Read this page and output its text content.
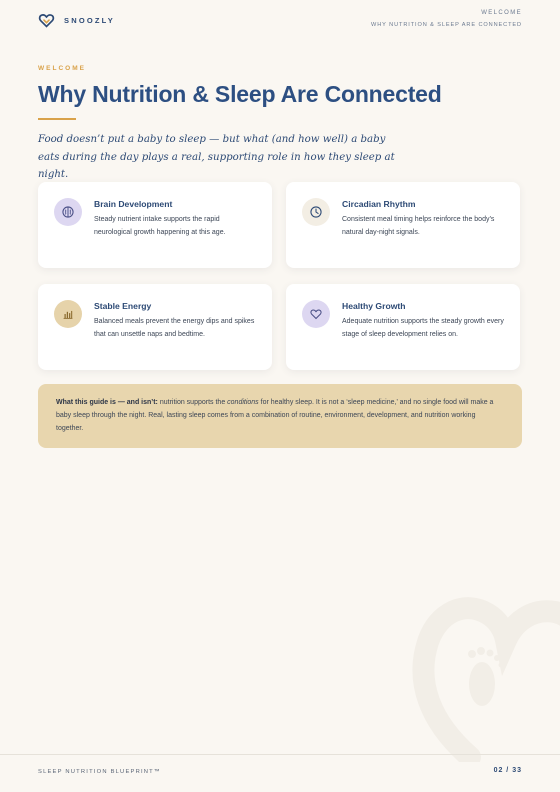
SNOOZLY
WELCOME
WHY NUTRITION & SLEEP ARE CONNECTED
WELCOME
Why Nutrition & Sleep Are Connected

Food doesn’t put a baby to sleep — but what (and how well) a baby eats during the day plays a real, supporting role in how they sleep at night.

Brain Development
Steady nutrient intake supports the rapid neurological growth happening at this age.
Circadian Rhythm
Consistent meal timing helps reinforce the body’s natural day-night signals.
Stable Energy
Balanced meals prevent the energy dips and spikes that can unsettle naps and bedtime.
Healthy Growth
Adequate nutrition supports the steady growth every stage of sleep development relies on.
What this guide is — and isn’t: nutrition supports the conditions for healthy sleep. It is not a ‘sleep medicine,’ and no single food will make a baby sleep through the night. Real, lasting sleep comes from a combination of routine, environment, development, and nutrition working together.
SLEEP NUTRITION BLUEPRINT™	02 / 33
